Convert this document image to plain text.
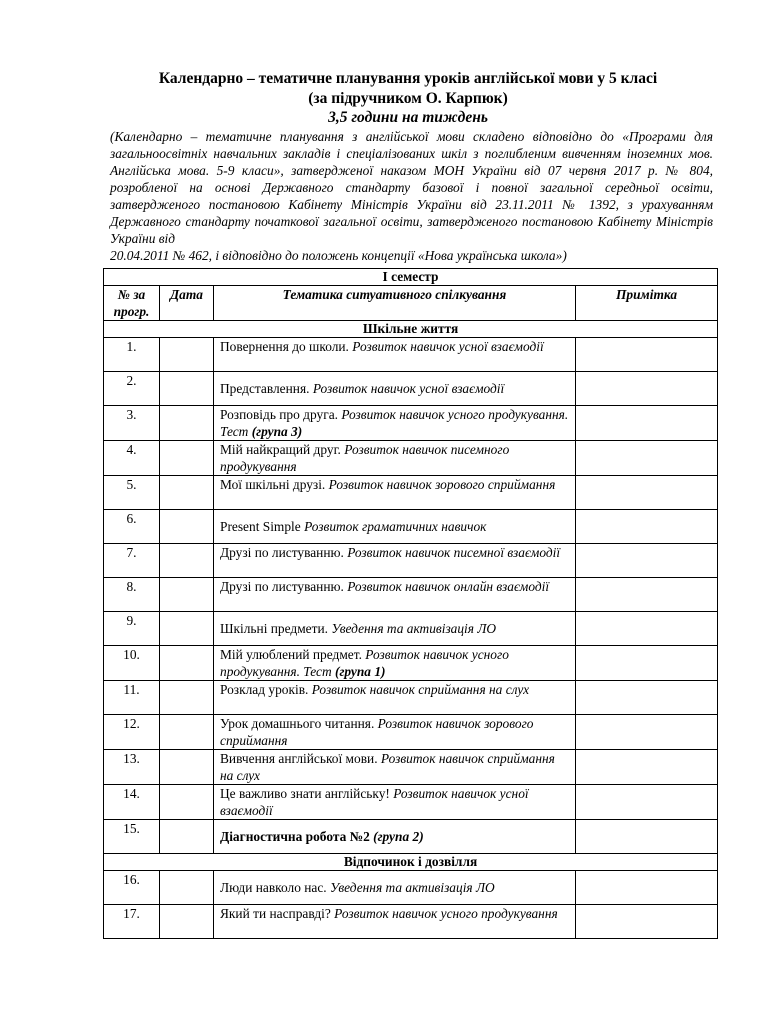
Календарно – тематичне планування уроків англійської мови у 5 класі
(за підручником О. Карпюк)
3,5 години на тиждень
(Календарно – тематичне планування з англійської мови складено відповідно до «Програми для загальноосвітніх навчальних закладів і спеціалізованих шкіл з поглибленим вивченням іноземних мов. Англійська мова. 5-9 класи», затвердженої наказом МОН України від 07 червня 2017 р. № 804, розробленої на основі Державного стандарту базової і повної загальної середньої освіти, затвердженого постановою Кабінету Міністрів України від 23.11.2011 № 1392, з урахуванням Державного стандарту початкової загальної освіти, затвердженого постановою Кабінету Міністрів України від
20.04.2011 № 462, і відповідно до положень концепції «Нова українська школа»)
І семестр			
№ за прогр.	Дата	Тематика ситуативного спілкування	Примітка
Шкільне життя			
1.		Повернення до школи. Розвиток навичок усної взаємодії	
2.		Представлення. Розвиток навичок усної взаємодії	
3.		Розповідь про друга. Розвиток навичок усного продукування. Тест (група 3)	
4.		Мій найкращий друг. Розвиток навичок писемного продукування	
5.		Мої шкільні друзі. Розвиток навичок зорового сприймання	
6.		Present Simple Розвиток граматичних навичок	
7.		Друзі по листуванню. Розвиток навичок писемної взаємодії	
8.		Друзі по листуванню. Розвиток навичок онлайн взаємодії	
9.		Шкільні предмети. Уведення та активізація ЛО	
10.		Мій улюблений предмет. Розвиток навичок усного продукування. Тест (група 1)	
11.		Розклад уроків. Розвиток навичок сприймання на слух	
12.		Урок домашнього читання. Розвиток навичок зорового сприймання	
13.		Вивчення англійської мови. Розвиток навичок сприймання на слух	
14.		Це важливо знати англійську! Розвиток навичок усної взаємодії	
15.		Діагностична робота №2 (група 2)	
Відпочинок і дозвілля			
16.		Люди навколо нас. Уведення та активізація ЛО	
17.		Який ти насправді? Розвиток навичок усного продукування	
